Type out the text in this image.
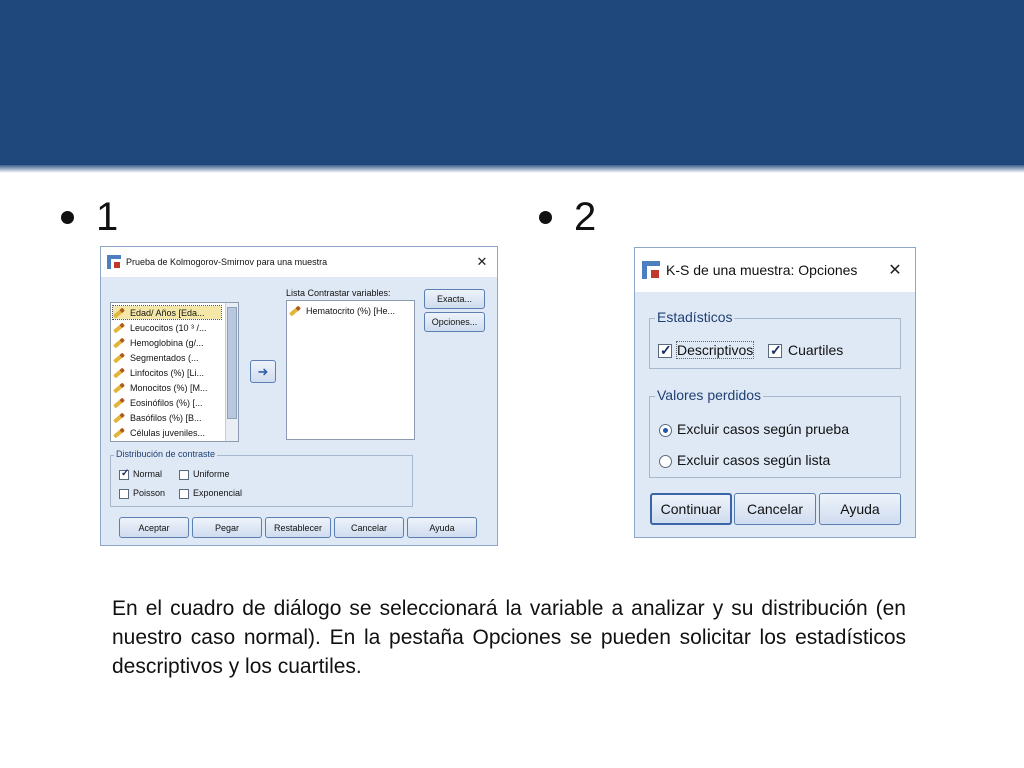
1	2
Prueba de Kolmogorov-Smirnov para una muestra	✕
Edad/ Años [Eda...
Leucocitos (10 ³ /...
Hemoglobina (g/...
Segmentados (...
Linfocitos (%) [Li...
Monocitos (%) [M...
Eosinófilos (%) [...
Basófilos (%) [B...
Células juveniles...
➜
Lista Contrastar variables:
Hematocrito (%) [He...
Exacta...
Opciones...
Distribución de contraste
✓ Normal	Uniforme
Poisson	Exponencial
Aceptar	Pegar	Restablecer	Cancelar	Ayuda
K-S de una muestra: Opciones	✕
Estadísticos
✓ Descriptivos ✓ Cuartiles
Valores perdidos
Excluir casos según prueba
Excluir casos según lista
Continuar	Cancelar	Ayuda
En el cuadro de diálogo se seleccionará la variable a analizar y su distribución (en nuestro caso normal). En la pestaña Opciones se pueden solicitar los estadísticos descriptivos y los cuartiles.
